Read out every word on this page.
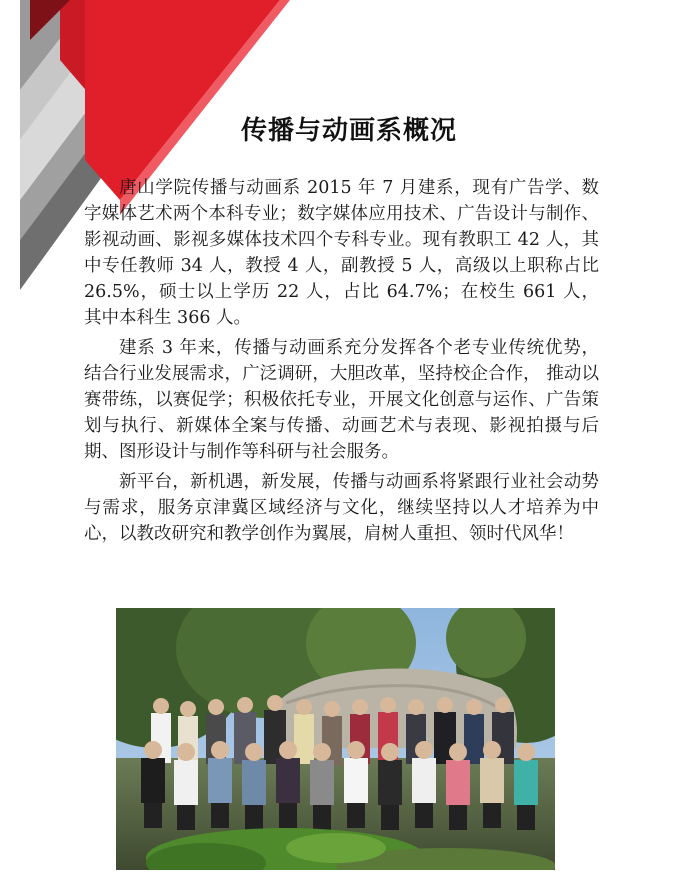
传播与动画系概况

唐山学院传播与动画系 2015 年 7 月建系，现有广告学、数字媒体艺术两个本科专业；数字媒体应用技术、广告设计与制作、影视动画、影视多媒体技术四个专科专业。现有教职工 42 人，其中专任教师 34 人，教授 4 人，副教授 5 人，高级以上职称占比 26.5%，硕士以上学历 22 人，占比 64.7%；在校生 661 人， 其中本科生 366 人。

建系 3 年来，传播与动画系充分发挥各个老专业传统优势， 结合行业发展需求，广泛调研，大胆改革，坚持校企合作， 推动以赛带练，以赛促学；积极依托专业，开展文化创意与运作、广告策划与执行、新媒体全案与传播、动画艺术与表现、影视拍摄与后期、图形设计与制作等科研与社会服务。

新平台，新机遇，新发展，传播与动画系将紧跟行业社会动势与需求，服务京津冀区域经济与文化，继续坚持以人才培养为中心，以教改研究和教学创作为翼展，肩树人重担、领时代风华！
